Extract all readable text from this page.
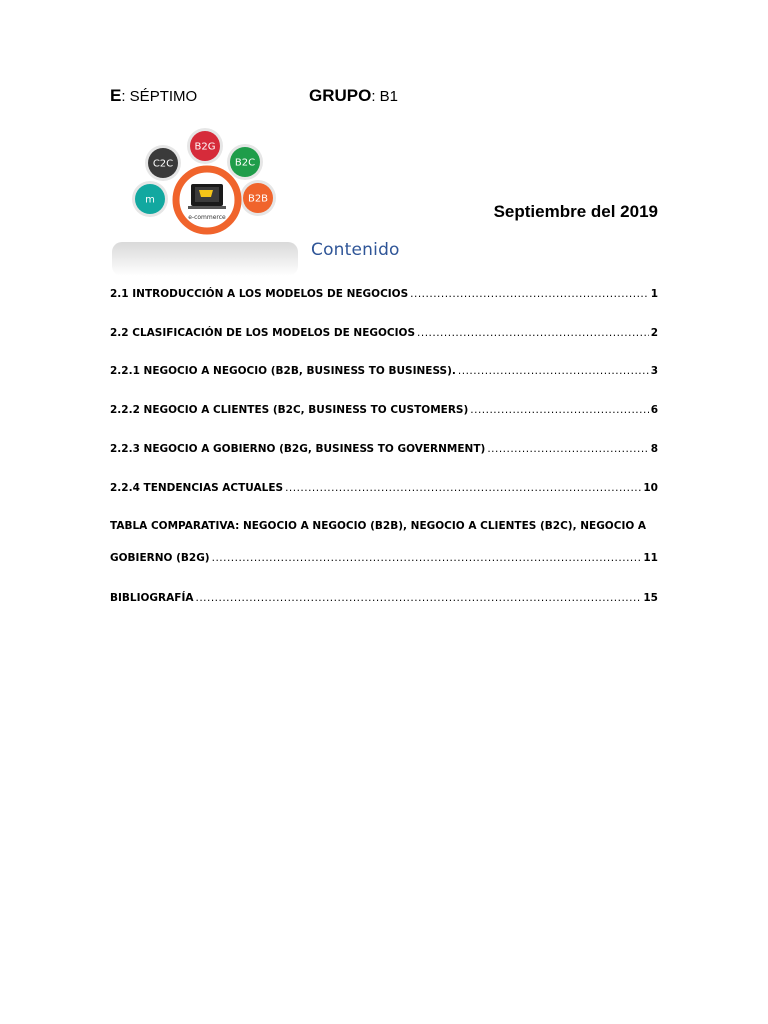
E: SÉPTIMO	GRUPO: B1
B2G
C2C	B2C
B2B
m
e-commerce	Septiembre del 2019
Contenido
2.1 INTRODUCCIÓN A LOS MODELOS DE NEGOCIOS .....	1
2.2 CLASIFICACIÓN DE LOS MODELOS DE NEGOCIOS .....	2
2.2.1 NEGOCIO A NEGOCIO (B2B, BUSINESS TO BUSINESS). .....	3
2.2.2 NEGOCIO A CLIENTES (B2C, BUSINESS TO CUSTOMERS) .....	6
2.2.3 NEGOCIO A GOBIERNO (B2G, BUSINESS TO GOVERNMENT) .....	8
2.2.4 TENDENCIAS ACTUALES .....	10
TABLA COMPARATIVA: NEGOCIO A NEGOCIO (B2B), NEGOCIO A CLIENTES (B2C), NEGOCIO A
GOBIERNO (B2G) .....	11
BIBLIOGRAFÍA .....	15
